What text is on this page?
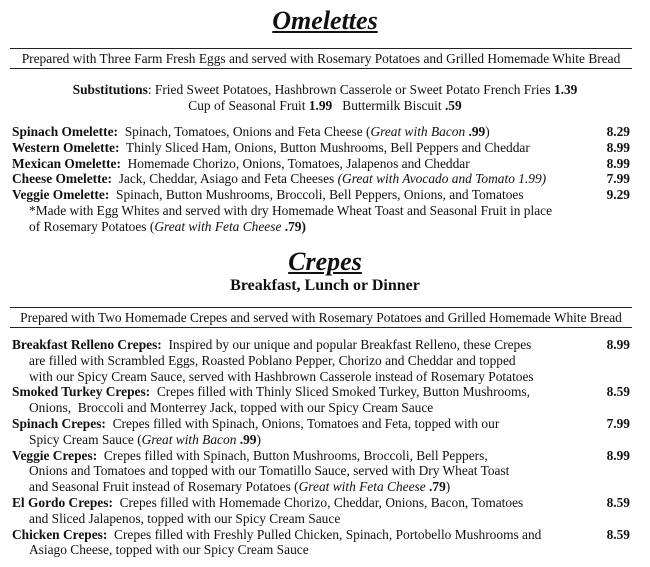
Omelettes
Prepared with Three Farm Fresh Eggs and served with Rosemary Potatoes and Grilled Homemade White Bread
Substitutions: Fried Sweet Potatoes, Hashbrown Casserole or Sweet Potato French Fries 1.39
Cup of Seasonal Fruit 1.99   Buttermilk Biscuit .59
Spinach Omelette:  Spinach, Tomatoes, Onions and Feta Cheese (Great with Bacon .99)	8.29
Western Omelette:  Thinly Sliced Ham, Onions, Button Mushrooms, Bell Peppers and Cheddar	8.99
Mexican Omelette:  Homemade Chorizo, Onions, Tomatoes, Jalapenos and Cheddar	8.99
Cheese Omelette:  Jack, Cheddar, Asiago and Feta Cheeses (Great with Avocado and Tomato 1.99)	7.99
Veggie Omelette:  Spinach, Button Mushrooms, Broccoli, Bell Peppers, Onions, and Tomatoes	9.29
*Made with Egg Whites and served with dry Homemade Wheat Toast and Seasonal Fruit in place
of Rosemary Potatoes (Great with Feta Cheese .79)
Crepes
Breakfast, Lunch or Dinner
Prepared with Two Homemade Crepes and served with Rosemary Potatoes and Grilled Homemade White Bread
Breakfast Relleno Crepes:  Inspired by our unique and popular Breakfast Relleno, these Crepes	8.99
are filled with Scrambled Eggs, Roasted Poblano Pepper, Chorizo and Cheddar and topped
with our Spicy Cream Sauce, served with Hashbrown Casserole instead of Rosemary Potatoes
Smoked Turkey Crepes:  Crepes filled with Thinly Sliced Smoked Turkey, Button Mushrooms,	8.59
Onions,  Broccoli and Monterrey Jack, topped with our Spicy Cream Sauce
Spinach Crepes:  Crepes filled with Spinach, Onions, Tomatoes and Feta, topped with our	7.99
Spicy Cream Sauce (Great with Bacon .99)
Veggie Crepes:  Crepes filled with Spinach, Button Mushrooms, Broccoli, Bell Peppers,	8.99
Onions and Tomatoes and topped with our Tomatillo Sauce, served with Dry Wheat Toast
and Seasonal Fruit instead of Rosemary Potatoes (Great with Feta Cheese .79)
El Gordo Crepes:  Crepes filled with Homemade Chorizo, Cheddar, Onions, Bacon, Tomatoes	8.59
and Sliced Jalapenos, topped with our Spicy Cream Sauce
Chicken Crepes:  Crepes filled with Freshly Pulled Chicken, Spinach, Portobello Mushrooms and	8.59
Asiago Cheese, topped with our Spicy Cream Sauce
